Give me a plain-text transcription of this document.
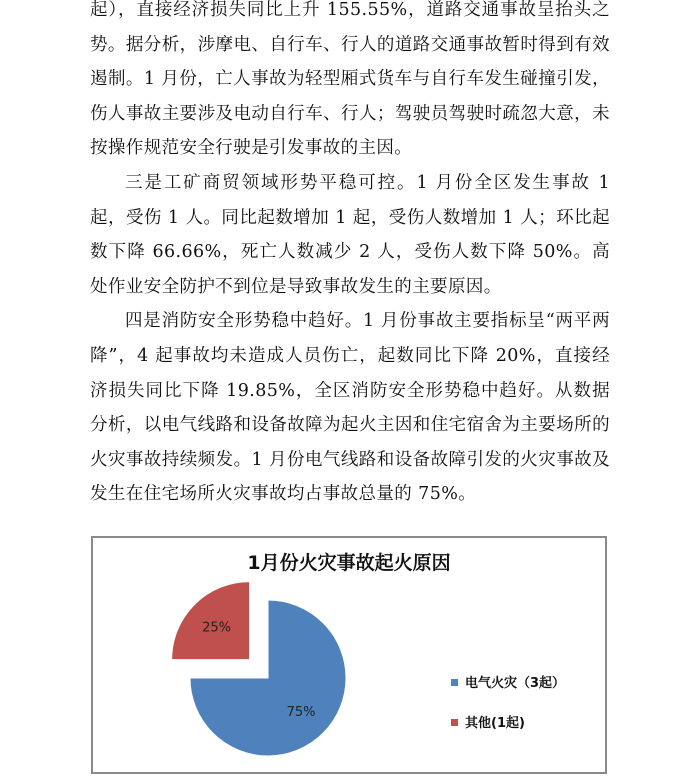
起），直接经济损失同比上升 155.55%，道路交通事故呈抬头之势。据分析，涉摩电、自行车、行人的道路交通事故暂时得到有效遏制。1 月份，亡人事故为轻型厢式货车与自行车发生碰撞引发，伤人事故主要涉及电动自行车、行人；驾驶员驾驶时疏忽大意，未按操作规范安全行驶是引发事故的主因。

三是工矿商贸领域形势平稳可控。1 月份全区发生事故 1 起，受伤 1 人。同比起数增加 1 起，受伤人数增加 1 人；环比起数下降 66.66%，死亡人数减少 2 人，受伤人数下降 50%。高处作业安全防护不到位是导致事故发生的主要原因。

四是消防安全形势稳中趋好。1 月份事故主要指标呈“两平两降”，4 起事故均未造成人员伤亡，起数同比下降 20%，直接经济损失同比下降 19.85%，全区消防安全形势稳中趋好。从数据分析，以电气线路和设备故障为起火主因和住宅宿舍为主要场所的火灾事故持续频发。1 月份电气线路和设备故障引发的火灾事故及发生在住宅场所火灾事故均占事故总量的 75%。

1月份火灾事故起火原因
75%
25%
电气火灾（3起）
其他(1起)
